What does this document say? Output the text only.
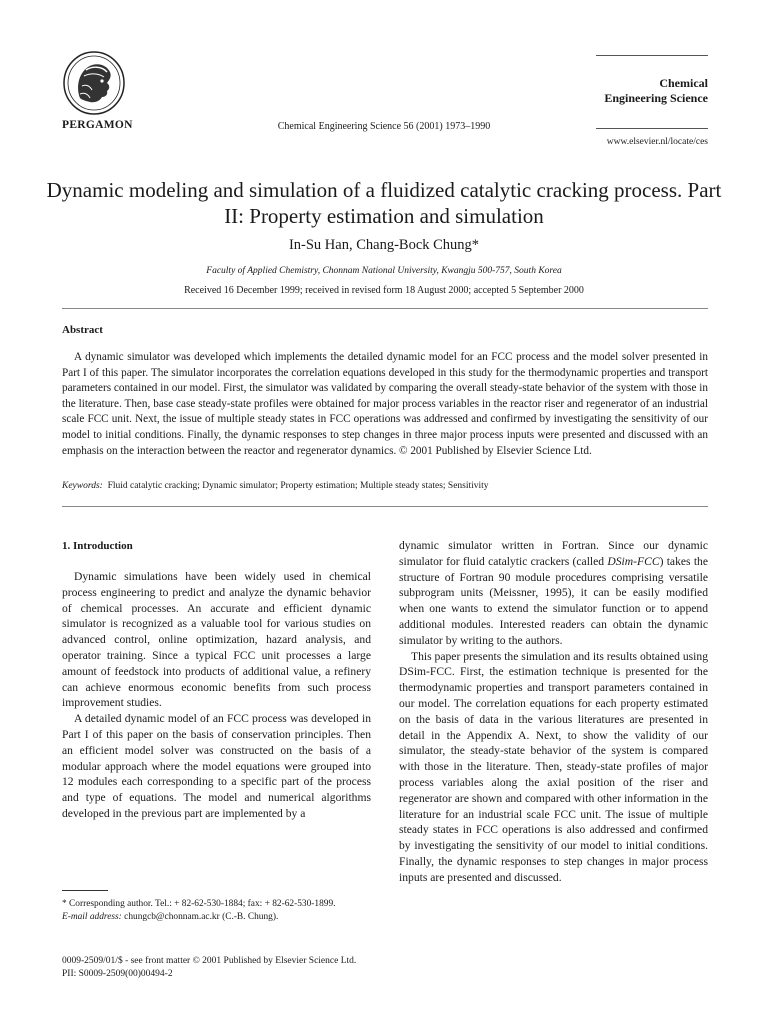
PERGAMON	Chemical Engineering Science 56 (2001) 1973–1990
Chemical
Engineering Science
www.elsevier.nl/locate/ces
Dynamic modeling and simulation of a fluidized catalytic cracking process. Part II: Property estimation and simulation
In-Su Han, Chang-Bock Chung*
Faculty of Applied Chemistry, Chonnam National University, Kwangju 500-757, South Korea
Received 16 December 1999; received in revised form 18 August 2000; accepted 5 September 2000
Abstract
A dynamic simulator was developed which implements the detailed dynamic model for an FCC process and the model solver presented in Part I of this paper. The simulator incorporates the correlation equations developed in this study for the thermodynamic properties and transport parameters contained in our model. First, the simulator was validated by comparing the overall steady-state behavior of the system with those in the literature. Then, base case steady-state profiles were obtained for major process variables in the reactor riser and regenerator of an industrial scale FCC unit. Next, the issue of multiple steady states in FCC operations was addressed and confirmed by investigating the sensitivity of our model to initial conditions. Finally, the dynamic responses to step changes in three major process inputs were presented and discussed with an emphasis on the interaction between the reactor and regenerator dynamics. © 2001 Published by Elsevier Science Ltd.
Keywords: Fluid catalytic cracking; Dynamic simulator; Property estimation; Multiple steady states; Sensitivity
1. Introduction

Dynamic simulations have been widely used in chemical process engineering to predict and analyze the dynamic behavior of chemical processes. An accurate and efficient dynamic simulator is recognized as a valuable tool for various studies on advanced control, online optimization, hazard analysis, and operator training. Since a typical FCC unit processes a large amount of feedstock into products of additional value, a refinery can achieve enormous economic benefits from such process improvement studies.

A detailed dynamic model of an FCC process was developed in Part I of this paper on the basis of conservation principles. Then an efficient model solver was constructed on the basis of a modular approach where the model equations were grouped into 12 modules each corresponding to a specific part of the process and type of equations. The model and numerical algorithms developed in the previous part are implemented by a

* Corresponding author. Tel.: + 82-62-530-1884; fax: + 82-62-530-1899.
E-mail address: chungcb@chonnam.ac.kr (C.-B. Chung).

dynamic simulator written in Fortran. Since our dynamic simulator for fluid catalytic crackers (called DSim-FCC) takes the structure of Fortran 90 module procedures comprising versatile subprogram units (Meissner, 1995), it can be easily modified when one wants to extend the simulator function or to append additional modules. Interested readers can obtain the dynamic simulator by writing to the authors.

This paper presents the simulation and its results obtained using DSim-FCC. First, the estimation technique is presented for the thermodynamic properties and transport parameters contained in our model. The correlation equations for each property estimated on the basis of data in the various literatures are presented in detail in the Appendix A. Next, to show the validity of our simulator, the steady-state behavior of the system is compared with those in the literature. Then, steady-state profiles of major process variables along the axial position of the riser and regenerator are shown and compared with other information in the literature for an industrial scale FCC unit. The issue of multiple steady states in FCC operations is also addressed and confirmed by investigating the sensitivity of our model to initial conditions. Finally, the dynamic responses to step changes in major process inputs are presented and discussed.

0009-2509/01/$ - see front matter © 2001 Published by Elsevier Science Ltd.
PII: S0009-2509(00)00494-2
